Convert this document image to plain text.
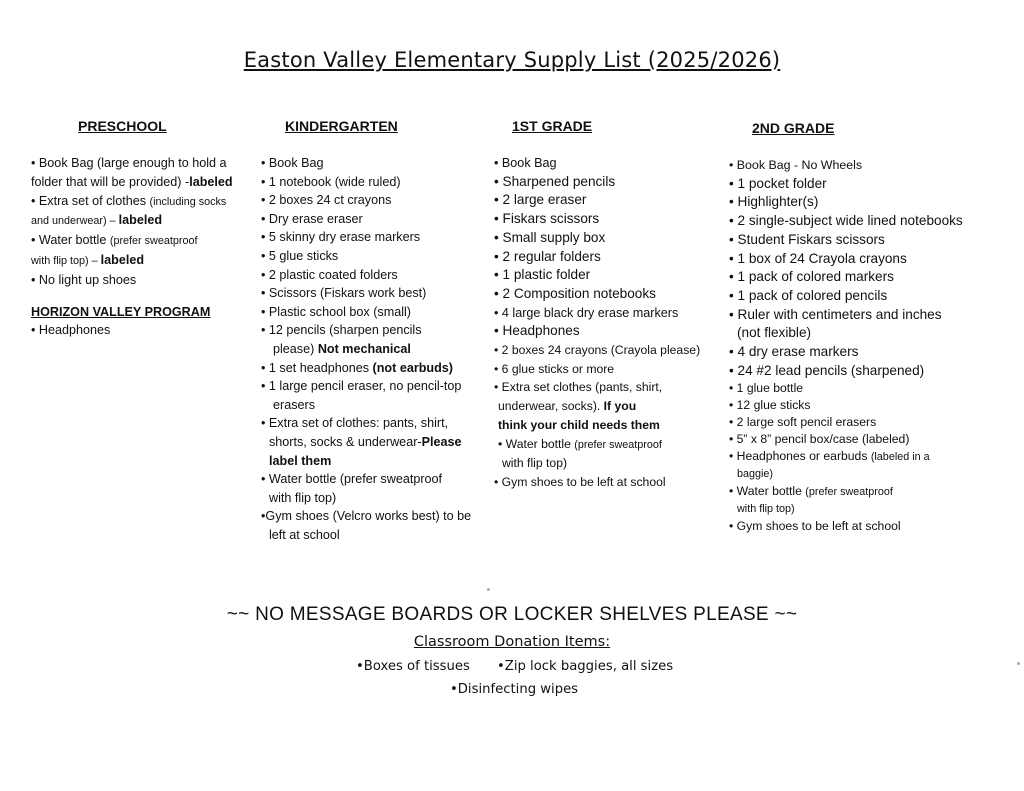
Easton Valley Elementary Supply List (2025/2026)
PRESCHOOL
• Book Bag (large enough to hold a
folder that will be provided) -labeled
• Extra set of clothes (including socks
and underwear) – labeled
• Water bottle (prefer sweatproof
with flip top) – labeled
• No light up shoes
HORIZON VALLEY PROGRAM
• Headphones
KINDERGARTEN
• Book Bag
• 1 notebook (wide ruled)
• 2 boxes 24 ct crayons
• Dry erase eraser
• 5 skinny dry erase markers
• 5 glue sticks
• 2 plastic coated folders
• Scissors (Fiskars work best)
• Plastic school box (small)
• 12 pencils (sharpen pencils
please) Not mechanical
• 1 set headphones (not earbuds)
• 1 large pencil eraser, no pencil-top
erasers
• Extra set of clothes: pants, shirt,
shorts, socks & underwear-Please
label them
• Water bottle (prefer sweatproof
with flip top)
•Gym shoes (Velcro works best) to be
left at school
1ST GRADE
• Book Bag
• Sharpened pencils
• 2 large eraser
• Fiskars scissors
• Small supply box
• 2 regular folders
• 1 plastic folder
• 2 Composition notebooks
• 4 large black dry erase markers
• Headphones
• 2 boxes 24 crayons (Crayola please)
• 6 glue sticks or more
• Extra set clothes (pants, shirt,
underwear, socks). If you
think your child needs them
• Water bottle (prefer sweatproof
with flip top)
• Gym shoes to be left at school
2ND GRADE
• Book Bag - No Wheels
• 1 pocket folder
• Highlighter(s)
• 2 single-subject wide lined notebooks
• Student Fiskars scissors
• 1 box of 24 Crayola crayons
• 1 pack of colored markers
• 1 pack of colored pencils
• Ruler with centimeters and inches
(not flexible)
• 4 dry erase markers
• 24 #2 lead pencils (sharpened)
• 1 glue bottle
• 12 glue sticks
• 2 large soft pencil erasers
• 5” x 8” pencil box/case (labeled)
• Headphones or earbuds (labeled in a
baggie)
• Water bottle (prefer sweatproof
with flip top)
• Gym shoes to be left at school
~~ NO MESSAGE BOARDS OR LOCKER SHELVES PLEASE ~~
Classroom Donation Items:
•Boxes of tissues •Zip lock baggies, all sizes
•Disinfecting wipes
